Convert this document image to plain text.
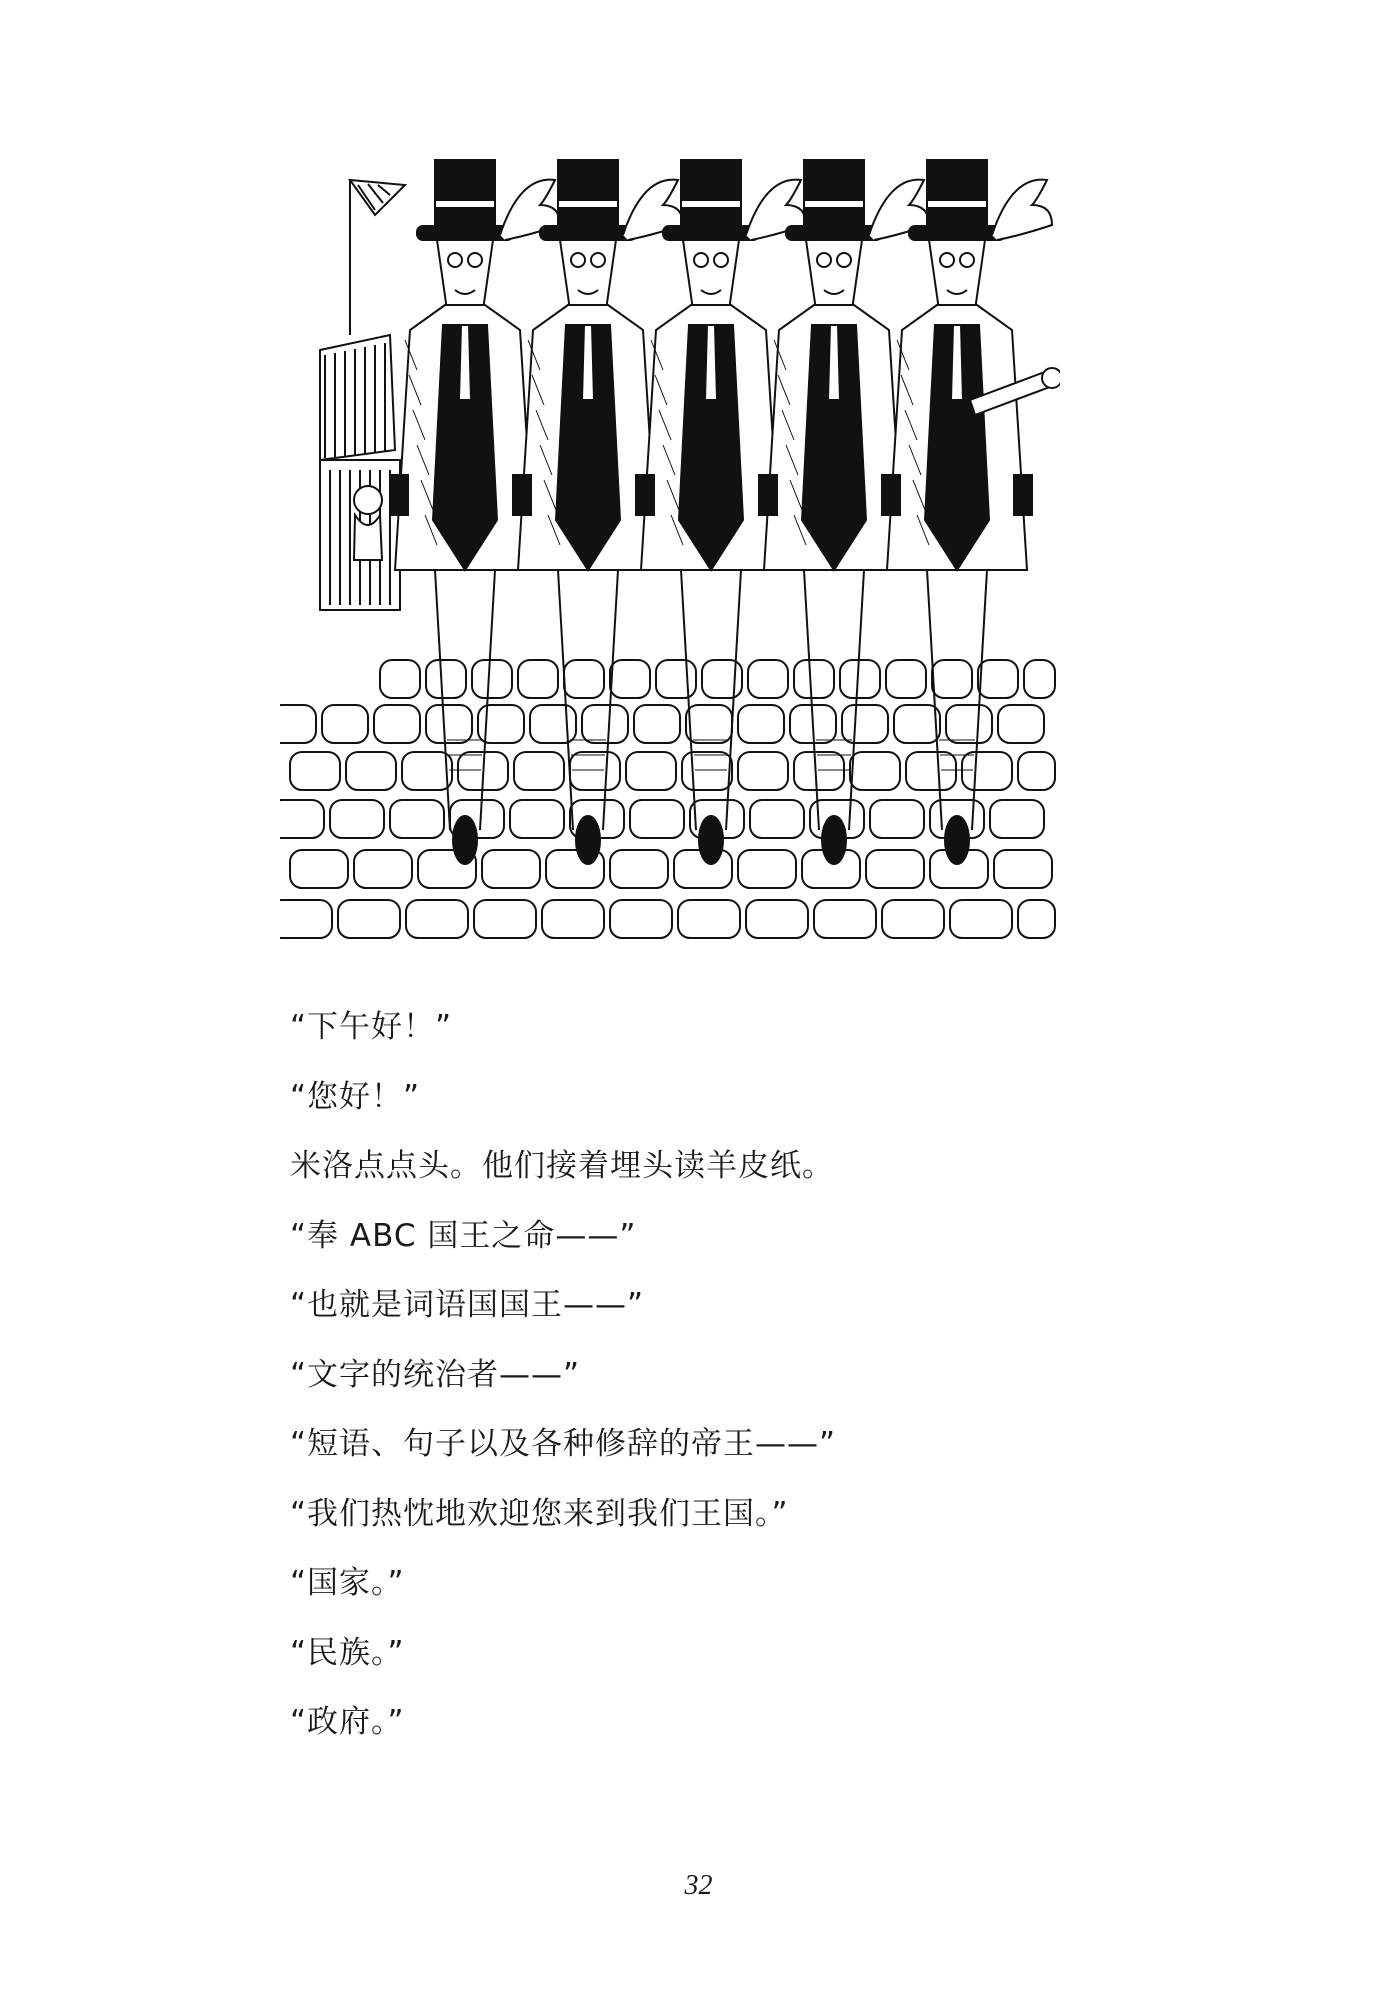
“下午好！”
“您好！”
米洛点点头。他们接着埋头读羊皮纸。
“奉 ABC 国王之命——”
“也就是词语国国王——”
“文字的统治者——”
“短语、句子以及各种修辞的帝王——”
“我们热忱地欢迎您来到我们王国。”
“国家。”
“民族。”
“政府。”
32
